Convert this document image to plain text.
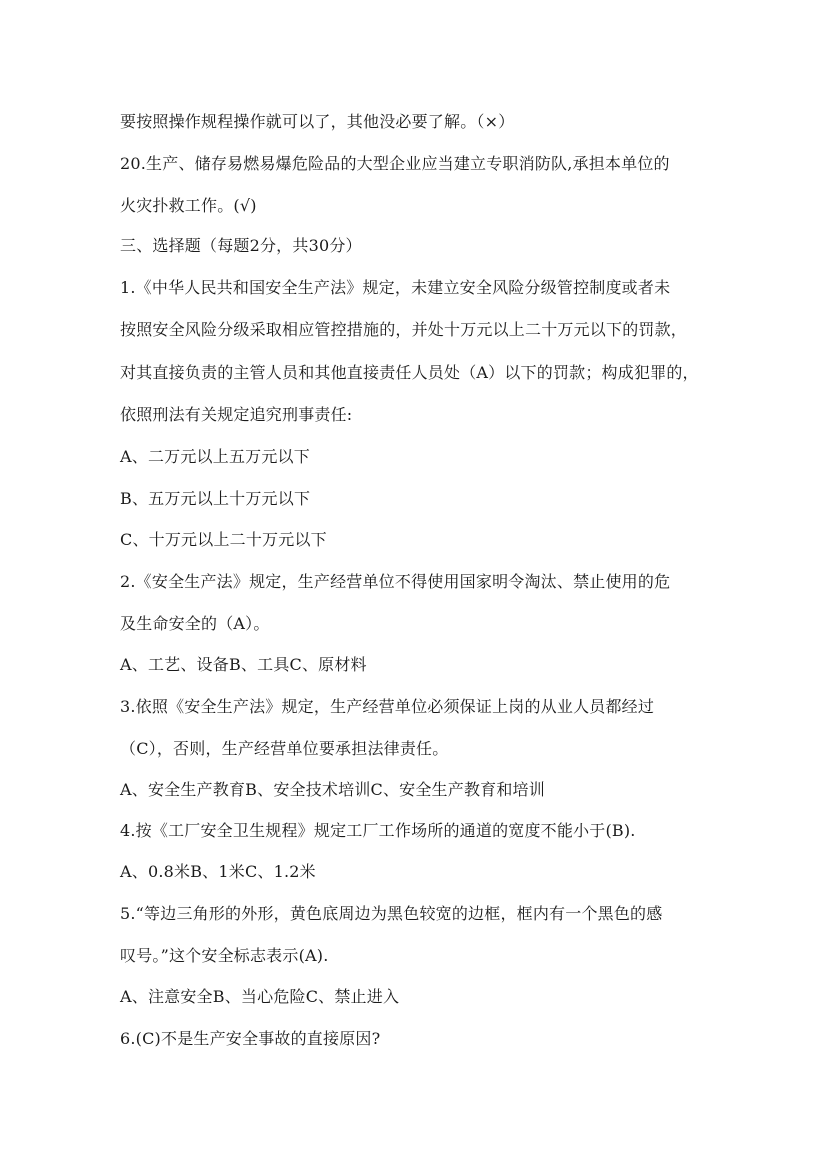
要按照操作规程操作就可以了，其他没必要了解。（×）
20.生产、储存易燃易爆危险品的大型企业应当建立专职消防队,承担本单位的
火灾扑救工作。(√)
三、选择题（每题2分，共30分）
1.《中华人民共和国安全生产法》规定，未建立安全风险分级管控制度或者未
按照安全风险分级采取相应管控措施的，并处十万元以上二十万元以下的罚款，
对其直接负责的主管人员和其他直接责任人员处（A）以下的罚款；构成犯罪的，
依照刑法有关规定追究刑事责任:
A、二万元以上五万元以下
B、五万元以上十万元以下
C、十万元以上二十万元以下
2.《安全生产法》规定，生产经营单位不得使用国家明令淘汰、禁止使用的危
及生命安全的（A）。
A、工艺、设备B、工具C、原材料
3.依照《安全生产法》规定，生产经营单位必须保证上岗的从业人员都经过
（C），否则，生产经营单位要承担法律责任。
A、安全生产教育B、安全技术培训C、安全生产教育和培训
4.按《工厂安全卫生规程》规定工厂工作场所的通道的宽度不能小于(B).
A、0.8米B、1米C、1.2米
5.“等边三角形的外形，黄色底周边为黑色较宽的边框，框内有一个黑色的感
叹号。”这个安全标志表示(A).
A、注意安全B、当心危险C、禁止进入
6.(C)不是生产安全事故的直接原因?
